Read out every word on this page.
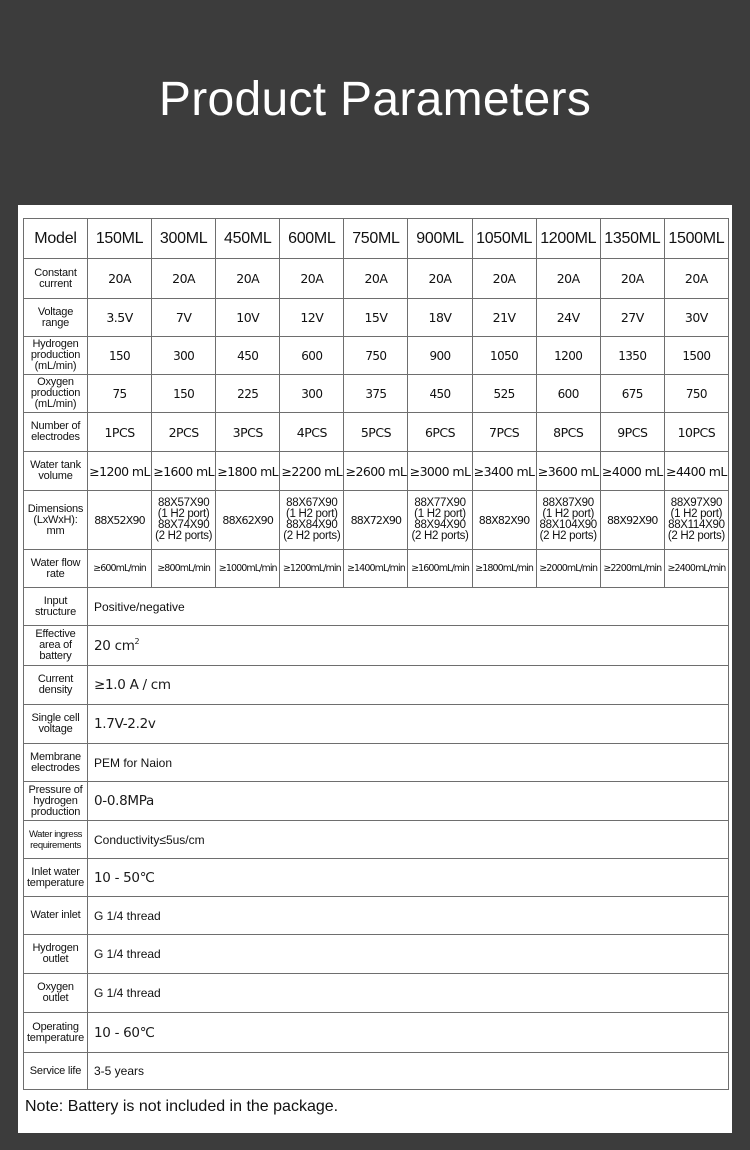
Product Parameters
Model	150ML	300ML	450ML	600ML	750ML	900ML	1050ML	1200ML	1350ML	1500ML
Constant current	20A	20A	20A	20A	20A	20A	20A	20A	20A	20A
Voltage range	3.5V	7V	10V	12V	15V	18V	21V	24V	27V	30V
Hydrogen production (mL/min)	150	300	450	600	750	900	1050	1200	1350	1500
Oxygen production (mL/min)	75	150	225	300	375	450	525	600	675	750
Number of electrodes	1PCS	2PCS	3PCS	4PCS	5PCS	6PCS	7PCS	8PCS	9PCS	10PCS
Water tank volume	≥1200 mL	≥1600 mL	≥1800 mL	≥2200 mL	≥2600 mL	≥3000 mL	≥3400 mL	≥3600 mL	≥4000 mL	≥4400 mL
Dimensions (LxWxH): mm	88X52X90	88X57X90 (1 H2 port) 88X74X90 (2 H2 ports)	88X62X90	88X67X90 (1 H2 port) 88X84X90 (2 H2 ports)	88X72X90	88X77X90 (1 H2 port) 88X94X90 (2 H2 ports)	88X82X90	88X87X90 (1 H2 port) 88X104X90 (2 H2 ports)	88X92X90	88X97X90 (1 H2 port) 88X114X90 (2 H2 ports)
Water flow rate	≥600mL/min	≥800mL/min	≥1000mL/min	≥1200mL/min	≥1400mL/min	≥1600mL/min	≥1800mL/min	≥2000mL/min	≥2200mL/min	≥2400mL/min
Input structure	Positive/negative									
Effective area of battery	20 $cm^2$
Current density	≥1.0 A / cm									
Single cell voltage	1.7V-2.2v									
Membrane electrodes	PEM for Naion									
Pressure of hydrogen production	0-0.8MPa									
Water ingress requirements	Conductivity≤5us/cm									
Inlet water temperature	10 - 50℃									
Water inlet	G 1/4 thread									
Hydrogen outlet	G 1/4 thread									
Oxygen outlet	G 1/4 thread									
Operating temperature	10 - 60℃									
Service life	3-5 years									
Note: Battery is not included in the package.
